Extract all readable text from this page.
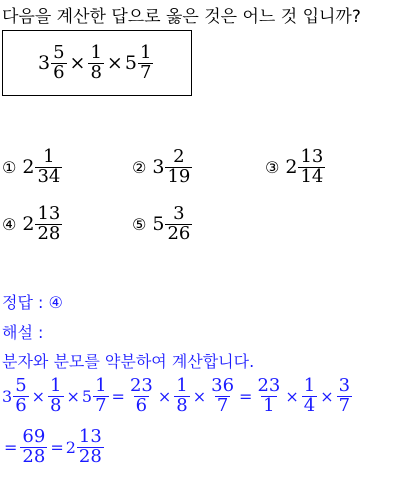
다음을 계산한 답으로 옳은 것은 어느 것 입니까?
$3 \frac{5}{6} \times \frac{1}{8} \times 5 \frac{1}{7}$
① $2 \frac{1}{34}$	② $3 \frac{2}{19}$	③ $2 \frac{13}{14}$
④ $2 \frac{13}{28}$	⑤ $5 \frac{3}{26}$
정답 : ④
해설 :
분자와 분모를 약분하여 계산합니다.
$3 \frac{5}{6} \times \frac{1}{8} \times 5 \frac{1}{7} = \frac{23}{6} \times \frac{1}{8} \times \frac{36}{7} = \frac{23}{1} \times \frac{1}{4} \times \frac{3}{7}$
= $\frac{69}{28} = 2 \frac{13}{28}$
